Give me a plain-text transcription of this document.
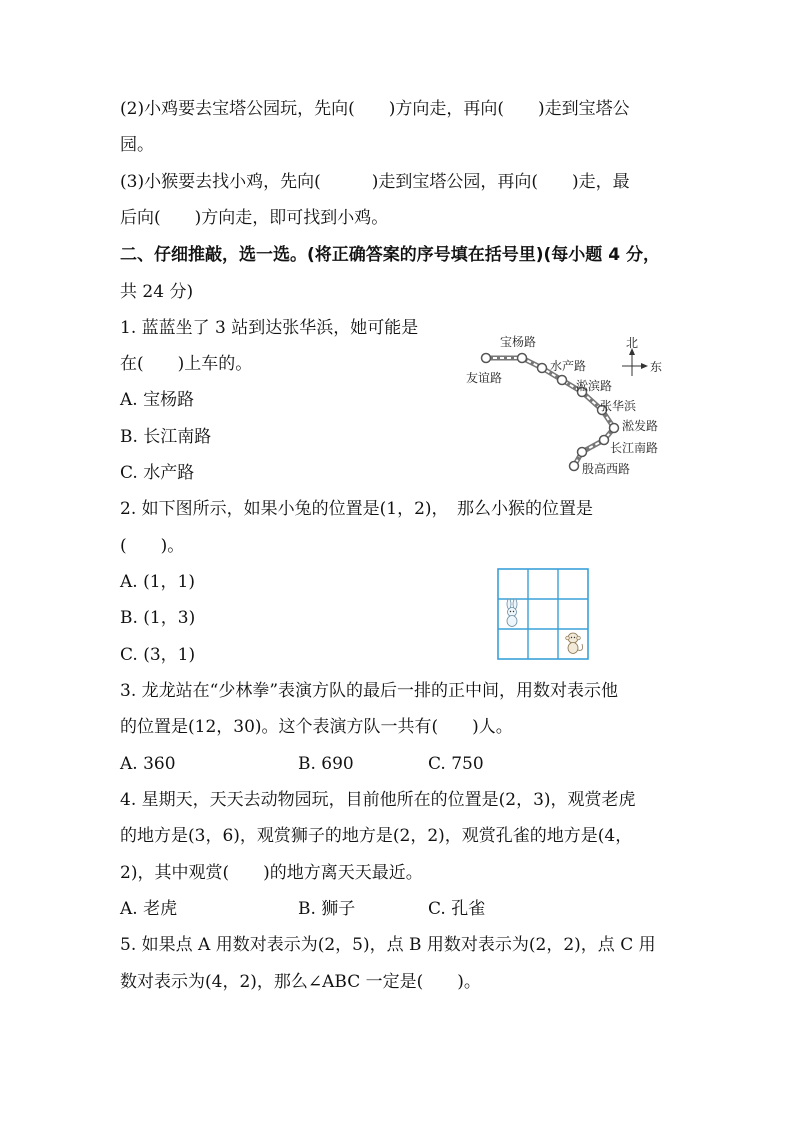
(2)小鸡要去宝塔公园玩，先向(　　)方向走，再向(　　)走到宝塔公
园。
(3)小猴要去找小鸡，先向(　　　)走到宝塔公园，再向(　　)走，最
后向(　　)方向走，即可找到小鸡。
二、仔细推敲，选一选。(将正确答案的序号填在括号里)(每小题 4 分，
共 24 分)
1. 蓝蓝坐了 3 站到达张华浜，她可能是
在(　　)上车的。
A. 宝杨路
B. 长江南路
C. 水产路
友谊路
宝杨路
水产路
淞滨路
张华浜
淞发路
长江南路
殷高西路
北
东
2. 如下图所示，如果小兔的位置是(1，2)，　那么小猴的位置是
(　　)。
A. (1，1)
B. (1，3)
C. (3，1)
3. 龙龙站在“少林拳”表演方队的最后一排的正中间，用数对表示他
的位置是(12，30)。这个表演方队一共有(　　)人。
A. 360	B. 690	C. 750
4. 星期天，天天去动物园玩，目前他所在的位置是(2，3)，观赏老虎
的地方是(3，6)，观赏狮子的地方是(2，2)，观赏孔雀的地方是(4，
2)，其中观赏(　　)的地方离天天最近。
A. 老虎	B. 狮子	C. 孔雀
5. 如果点 A 用数对表示为(2，5)，点 B 用数对表示为(2，2)，点 C 用
数对表示为(4，2)，那么∠ABC 一定是(　　)。
